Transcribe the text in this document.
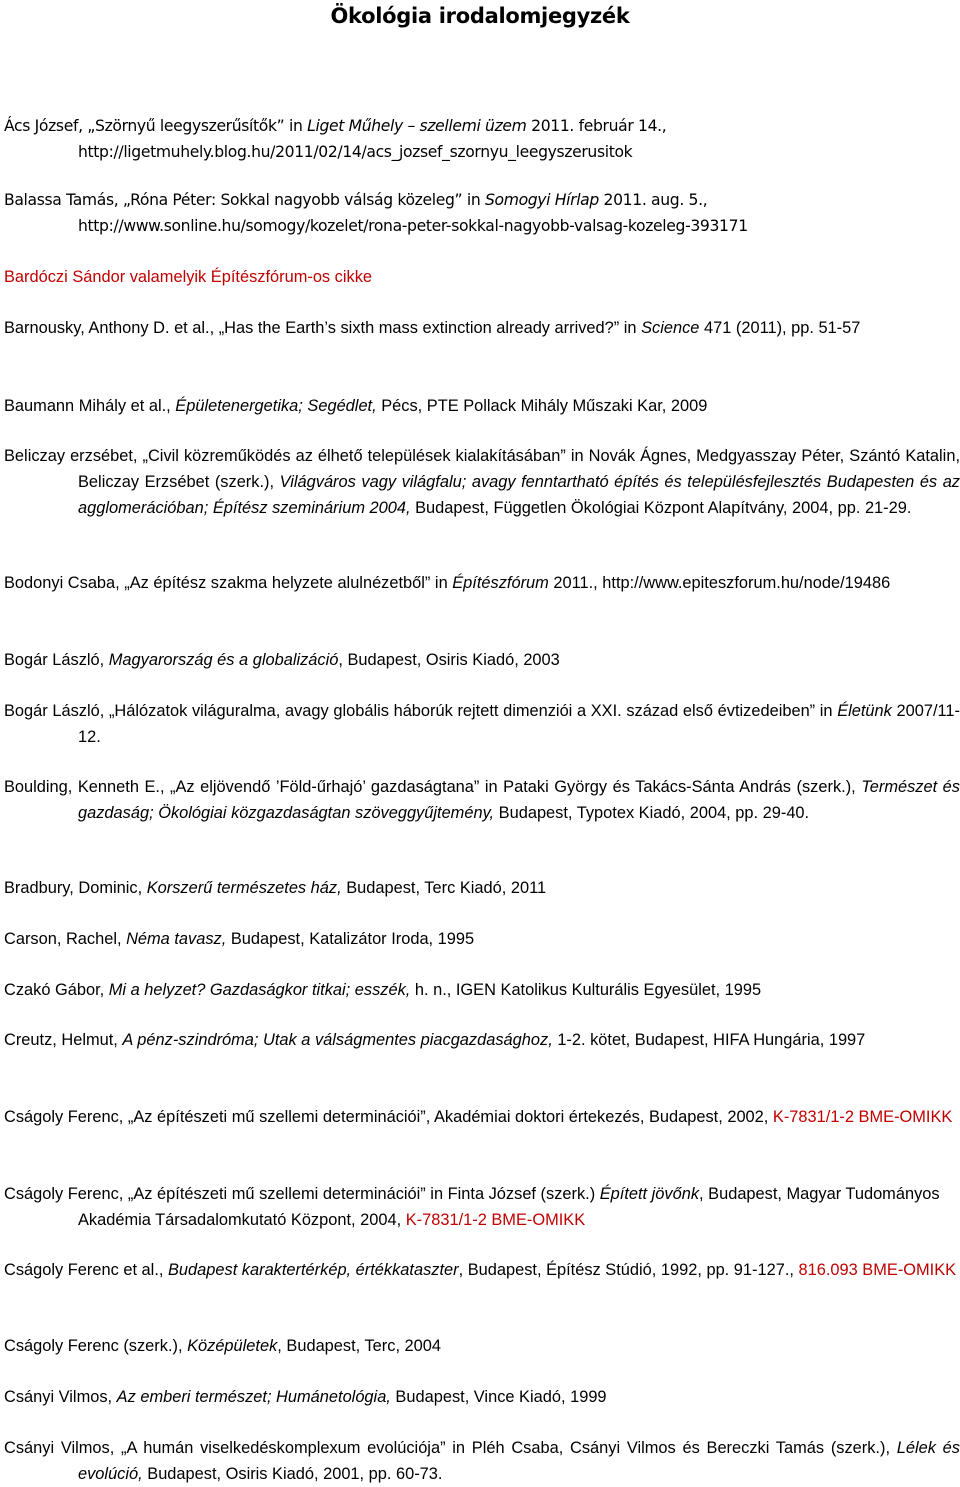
Ökológia irodalomjegyzék

Ács József, „Szörnyű leegyszerűsítők” in Liget Műhely – szellemi üzem 2011. február 14., http://ligetmuhely.blog.hu/2011/02/14/acs_jozsef_szornyu_leegyszerusitok

Balassa Tamás, „Róna Péter: Sokkal nagyobb válság közeleg” in Somogyi Hírlap 2011. aug. 5., http://www.sonline.hu/somogy/kozelet/rona-peter-sokkal-nagyobb-valsag-kozeleg-393171

Bardóczi Sándor valamelyik Építészfórum-os cikke

Barnousky, Anthony D. et al., „Has the Earth’s sixth mass extinction already arrived?” in Science 471 (2011), pp. 51-57

Baumann Mihály et al., Épületenergetika; Segédlet, Pécs, PTE Pollack Mihály Műszaki Kar, 2009

Beliczay erzsébet, „Civil közreműködés az élhető települések kialakításában” in Novák Ágnes, Medgyasszay Péter, Szántó Katalin, Beliczay Erzsébet (szerk.), Világváros vagy világfalu; avagy fenntartható építés és településfejlesztés Budapesten és az agglomerációban; Építész szeminárium 2004, Budapest, Független Ökológiai Központ Alapítvány, 2004, pp. 21-29.

Bodonyi Csaba, „Az építész szakma helyzete alulnézetből” in Építészfórum 2011., http://www.epiteszforum.hu/node/19486

Bogár László, Magyarország és a globalizáció, Budapest, Osiris Kiadó, 2003

Bogár László, „Hálózatok világuralma, avagy globális háborúk rejtett dimenziói a XXI. század első évtizedeiben” in Életünk 2007/11-12.

Boulding, Kenneth E., „Az eljövendő ’Föld-űrhajó’ gazdaságtana” in Pataki György és Takács-Sánta András (szerk.), Természet és gazdaság; Ökológiai közgazdaságtan szöveggyűjtemény, Budapest, Typotex Kiadó, 2004, pp. 29-40.

Bradbury, Dominic, Korszerű természetes ház, Budapest, Terc Kiadó, 2011

Carson, Rachel, Néma tavasz, Budapest, Katalizátor Iroda, 1995

Czakó Gábor, Mi a helyzet? Gazdaságkor titkai; esszék, h. n., IGEN Katolikus Kulturális Egyesület, 1995

Creutz, Helmut, A pénz-szindróma; Utak a válságmentes piacgazdasághoz, 1-2. kötet, Budapest, HIFA Hungária, 1997

Cságoly Ferenc, „Az építészeti mű szellemi determinációi”, Akadémiai doktori értekezés, Budapest, 2002, K-7831/1-2 BME-OMIKK

Cságoly Ferenc, „Az építészeti mű szellemi determinációi” in Finta József (szerk.) Épített jövőnk, Budapest, Magyar Tudományos Akadémia Társadalomkutató Központ, 2004, K-7831/1-2 BME-OMIKK

Cságoly Ferenc et al., Budapest karaktertérkép, értékkataszter, Budapest, Építész Stúdió, 1992, pp. 91-127., 816.093 BME-OMIKK

Cságoly Ferenc (szerk.), Középületek, Budapest, Terc, 2004

Csányi Vilmos, Az emberi természet; Humánetológia, Budapest, Vince Kiadó, 1999

Csányi Vilmos, „A humán viselkedéskomplexum evolúciója” in Pléh Csaba, Csányi Vilmos és Bereczki Tamás (szerk.), Lélek és evolúció, Budapest, Osiris Kiadó, 2001, pp. 60-73.
